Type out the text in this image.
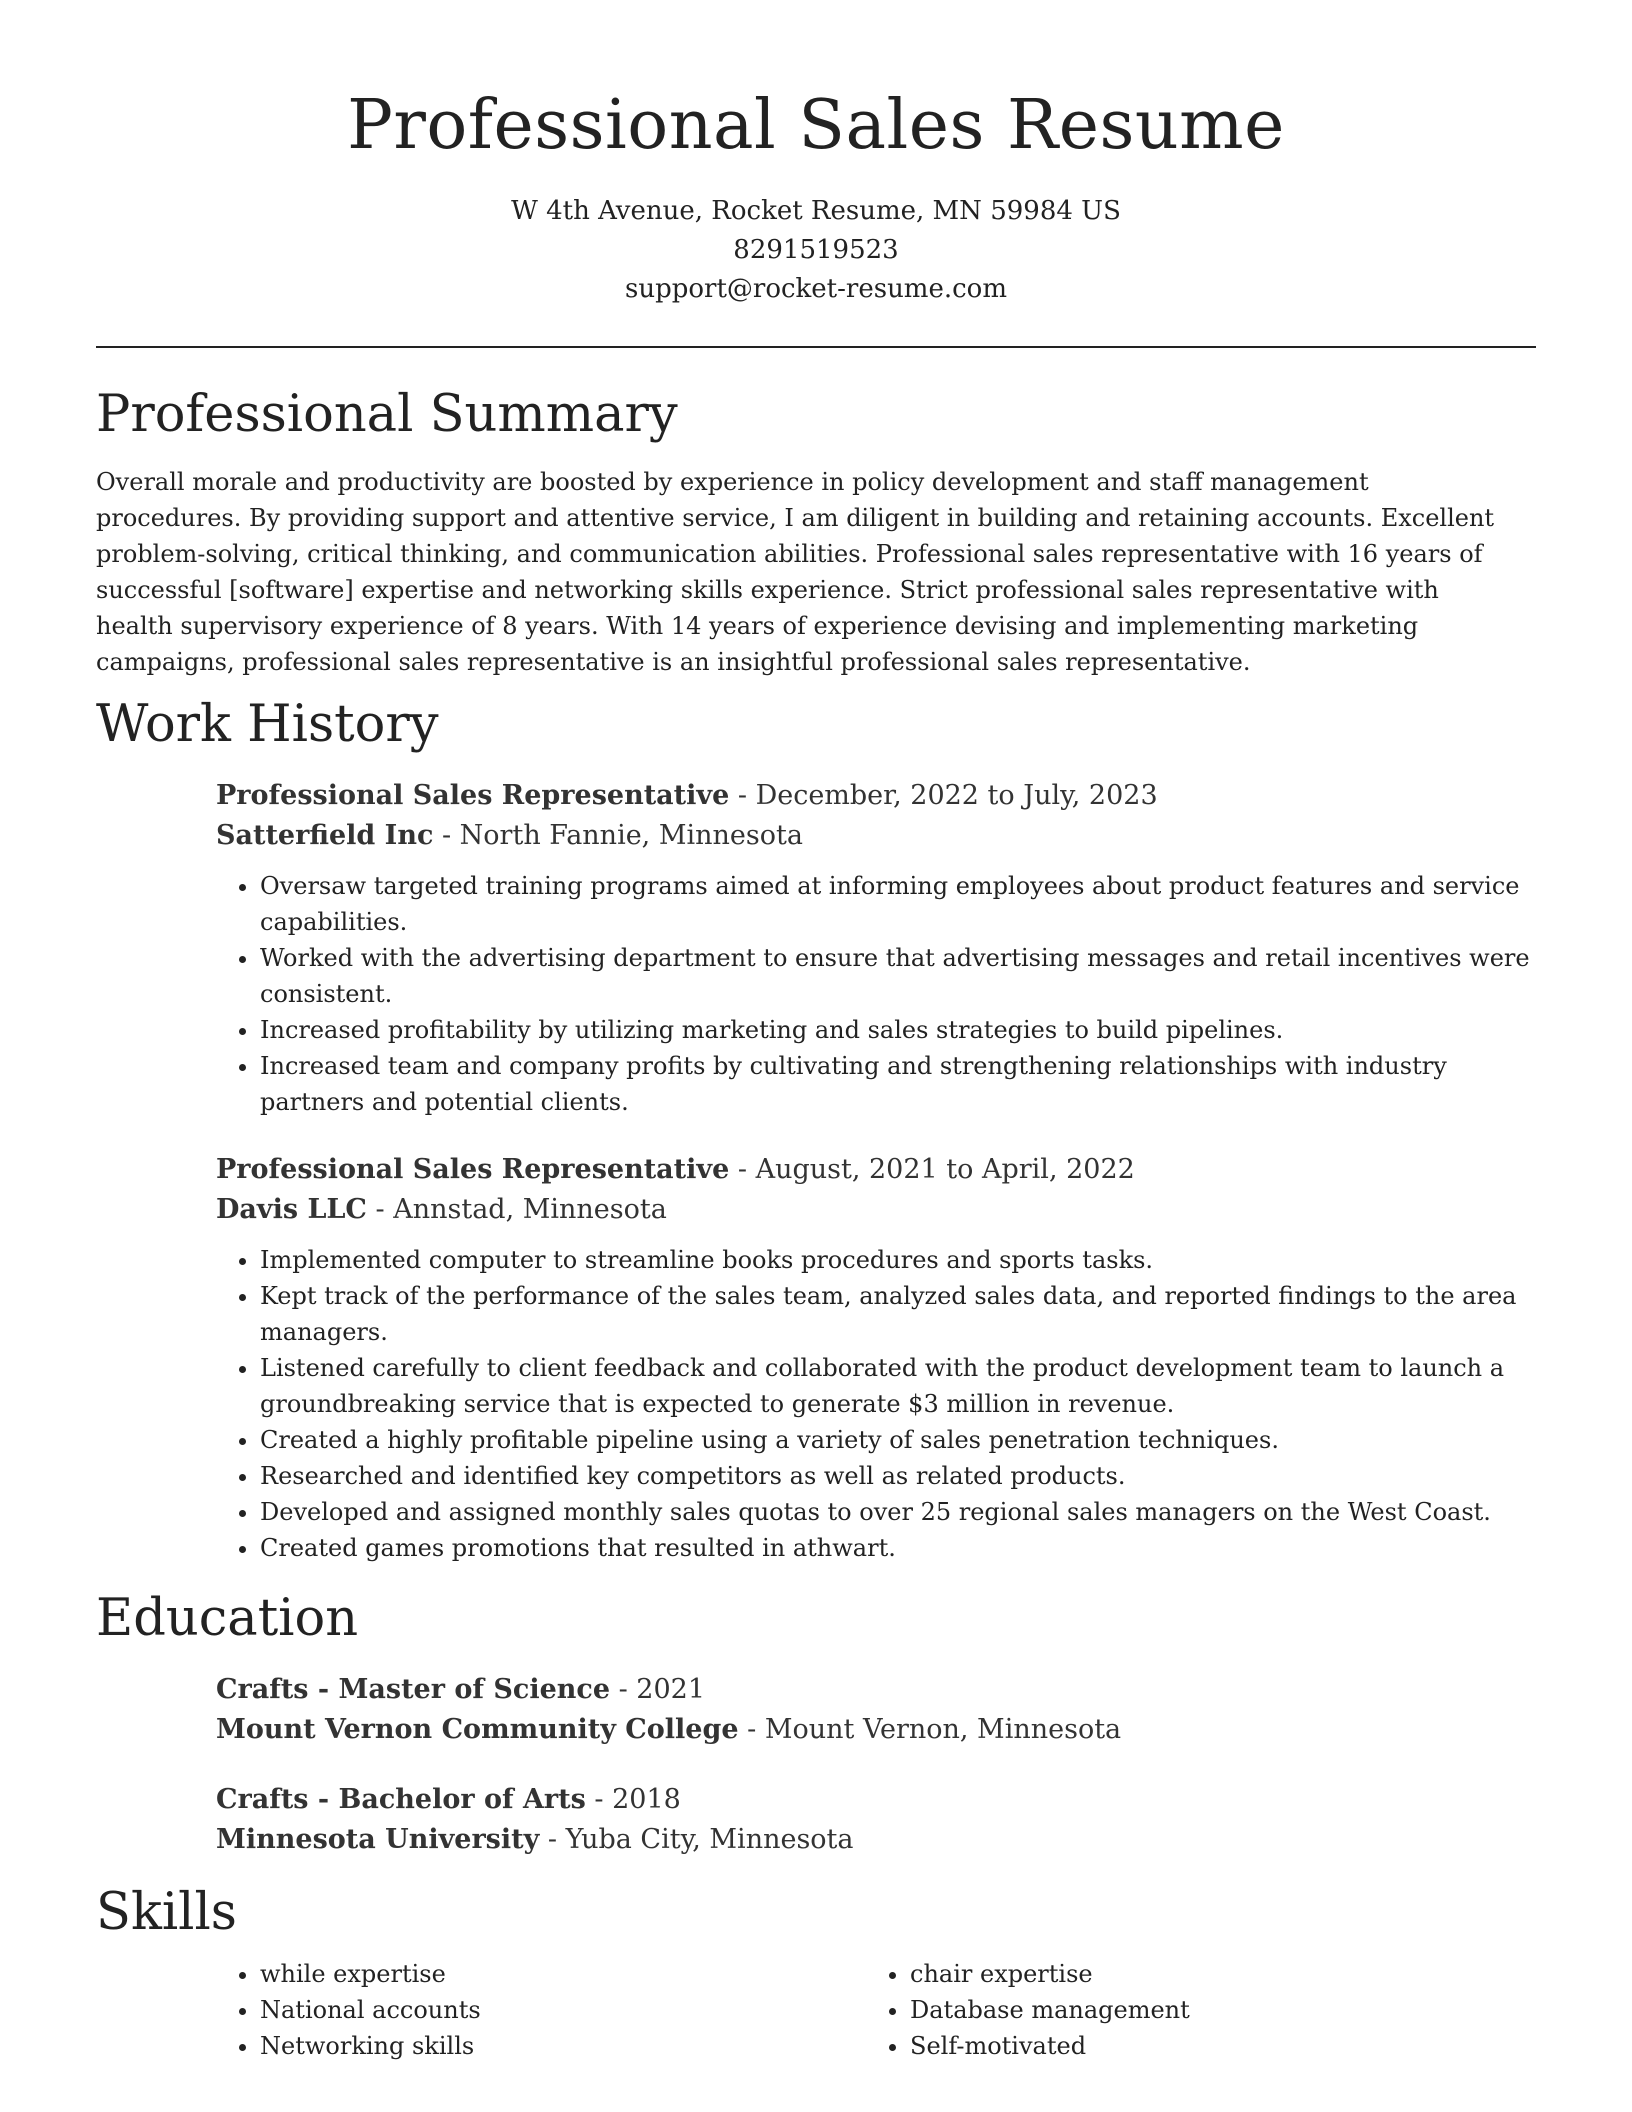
Professional Sales Resume
W 4th Avenue, Rocket Resume, MN 59984 US
8291519523
support@rocket-resume.com
Professional Summary

Overall morale and productivity are boosted by experience in policy development and staff management procedures. By providing support and attentive service, I am diligent in building and retaining accounts. Excellent problem-solving, critical thinking, and communication abilities. Professional sales representative with 16 years of successful [software] expertise and networking skills experience. Strict professional sales representative with health supervisory experience of 8 years. With 14 years of experience devising and implementing marketing campaigns, professional sales representative is an insightful professional sales representative.

Work History

Professional Sales Representative - December, 2022 to July, 2023

Satterfield Inc - North Fannie, Minnesota

• Oversaw targeted training programs aimed at informing employees about product features and service capabilities.
• Worked with the advertising department to ensure that advertising messages and retail incentives were consistent.
• Increased profitability by utilizing marketing and sales strategies to build pipelines.
• Increased team and company profits by cultivating and strengthening relationships with industry partners and potential clients.

Professional Sales Representative - August, 2021 to April, 2022

Davis LLC - Annstad, Minnesota

• Implemented computer to streamline books procedures and sports tasks.
• Kept track of the performance of the sales team, analyzed sales data, and reported findings to the area managers.
• Listened carefully to client feedback and collaborated with the product development team to launch a groundbreaking service that is expected to generate $3 million in revenue.
• Created a highly profitable pipeline using a variety of sales penetration techniques.
• Researched and identified key competitors as well as related products.
• Developed and assigned monthly sales quotas to over 25 regional sales managers on the West Coast.
• Created games promotions that resulted in athwart.
Education

Crafts - Master of Science - 2021

Mount Vernon Community College - Mount Vernon, Minnesota

Crafts - Bachelor of Arts - 2018

Minnesota University - Yuba City, Minnesota

Skills
• while expertise
• National accounts
• Networking skills
• chair expertise
• Database management
• Self-motivated
